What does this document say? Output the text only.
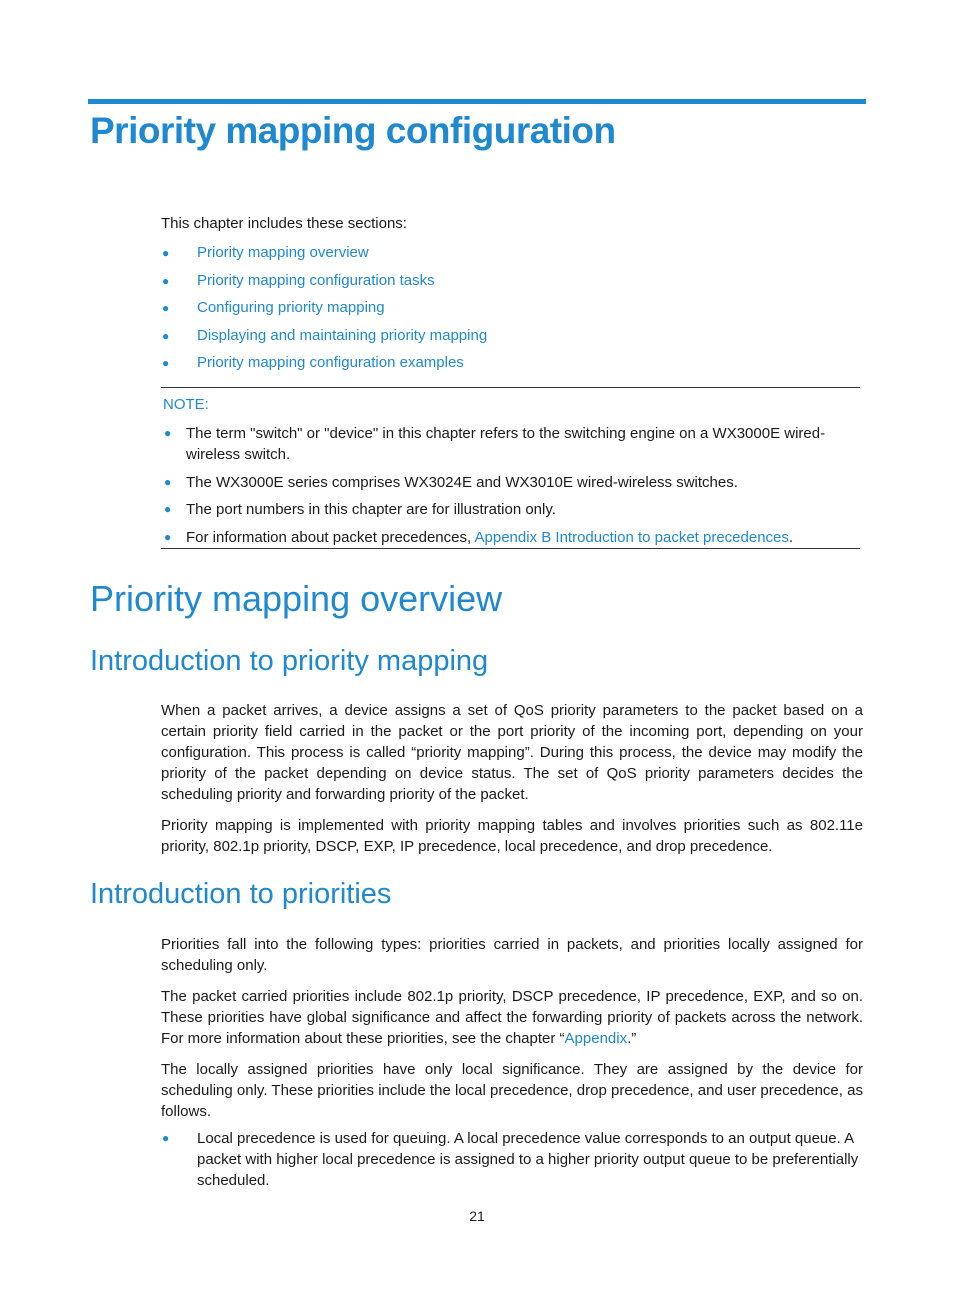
Priority mapping configuration

This chapter includes these sections:

● Priority mapping overview
● Priority mapping configuration tasks
● Configuring priority mapping
● Displaying and maintaining priority mapping
● Priority mapping configuration examples
NOTE:
● The term "switch" or "device" in this chapter refers to the switching engine on a WX3000E wired-wireless switch.
● The WX3000E series comprises WX3024E and WX3010E wired-wireless switches.
● The port numbers in this chapter are for illustration only.
● For information about packet precedences, Appendix B Introduction to packet precedences.
Priority mapping overview
Introduction to priority mapping

When a packet arrives, a device assigns a set of QoS priority parameters to the packet based on a certain priority field carried in the packet or the port priority of the incoming port, depending on your configuration. This process is called “priority mapping”. During this process, the device may modify the priority of the packet depending on device status. The set of QoS priority parameters decides the scheduling priority and forwarding priority of the packet.

Priority mapping is implemented with priority mapping tables and involves priorities such as 802.11e priority, 802.1p priority, DSCP, EXP, IP precedence, local precedence, and drop precedence.

Introduction to priorities

Priorities fall into the following types: priorities carried in packets, and priorities locally assigned for scheduling only.

The packet carried priorities include 802.1p priority, DSCP precedence, IP precedence, EXP, and so on. These priorities have global significance and affect the forwarding priority of packets across the network. For more information about these priorities, see the chapter “Appendix.”

The locally assigned priorities have only local significance. They are assigned by the device for scheduling only. These priorities include the local precedence, drop precedence, and user precedence, as follows.

● Local precedence is used for queuing. A local precedence value corresponds to an output queue. A packet with higher local precedence is assigned to a higher priority output queue to be preferentially scheduled.
21
